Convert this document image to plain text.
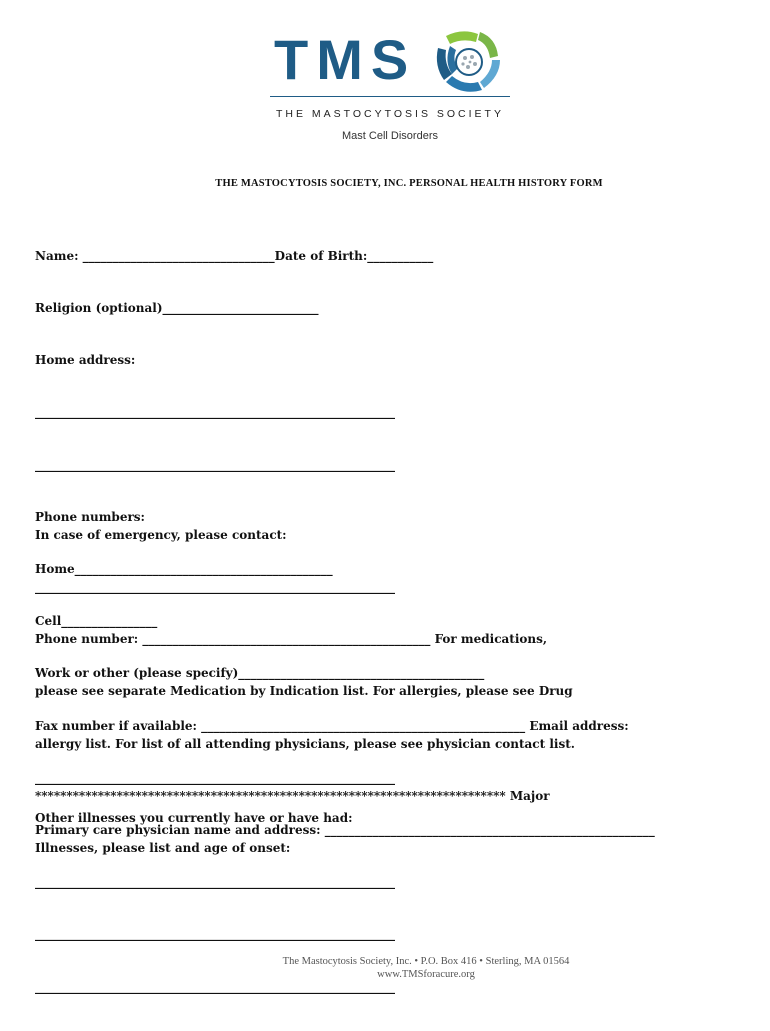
TMS
THE MASTOCYTOSIS SOCIETY
Mast Cell Disorders
THE MASTOCYTOSIS SOCIETY, INC. PERSONAL HEALTH HISTORY FORM

Name: ________________________________Date of Birth:___________

Religion (optional)__________________________

Home address:

____________________________________________________________

____________________________________________________________

Phone numbers:

Home___________________________________________

Cell________________

Work or other (please specify)_________________________________________

Fax number if available: ______________________________________________________ Email address:

____________________________________________________________

Primary care physician name and address: _______________________________________________________

____________________________________________________________

____________________________________________________________

____________________________________________________________

In case of emergency, please contact:

____________________________________________________________

Phone number: ________________________________________________ For medications,

please see separate Medication by Indication list. For allergies, please see Drug

allergy list. For list of all attending physicians, please see physician contact list.

*************************************************************************** Major

Illnesses, please list and age of onset:

Other illnesses you currently have or have had:

The Mastocytosis Society, Inc. • P.O. Box 416 • Sterling, MA 01564
www.TMSforacure.org
